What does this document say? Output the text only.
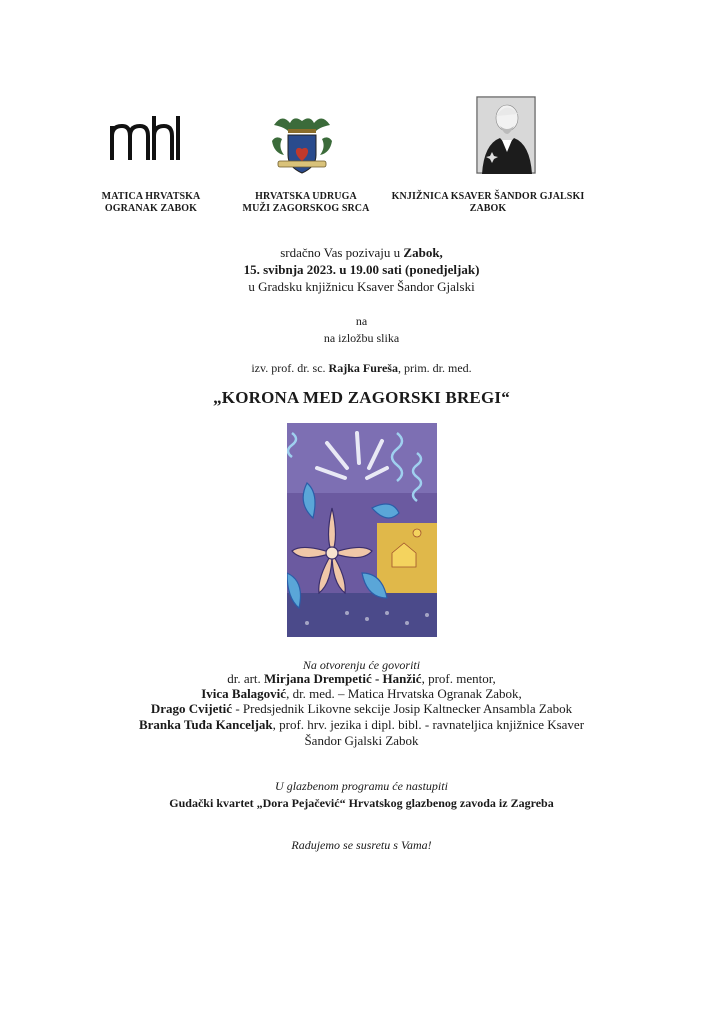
mh
MATICA HRVATSKA
OGRANAK ZABOK
HRVATSKA UDRUGA
MUŽI ZAGORSKOG SRCA
KNJIŽNICA KSAVER ŠANDOR GJALSKI
ZABOK
srdačno Vas pozivaju u Zabok,
15. svibnja 2023. u 19.00 sati (ponedjeljak)
u Gradsku knjižnicu Ksaver Šandor Gjalski
na
na izložbu slika
izv. prof. dr. sc. Rajka Fureša, prim. dr. med.
„KORONA MED ZAGORSKI BREGI“
Na otvorenju će govoriti
dr. art. Mirjana Drempetić - Hanžić, prof. mentor,
Ivica Balagović, dr. med. – Matica Hrvatska Ogranak Zabok,
Drago Cvijetić - Predsjednik Likovne sekcije Josip Kaltnecker Ansambla Zabok
Branka Tuđa Kanceljak, prof. hrv. jezika i dipl. bibl. - ravnateljica knjižnice Ksaver
Šandor Gjalski Zabok
U glazbenom programu će nastupiti
Gudački kvartet „Dora Pejačević“ Hrvatskog glazbenog zavoda iz Zagreba
Radujemo se susretu s Vama!
